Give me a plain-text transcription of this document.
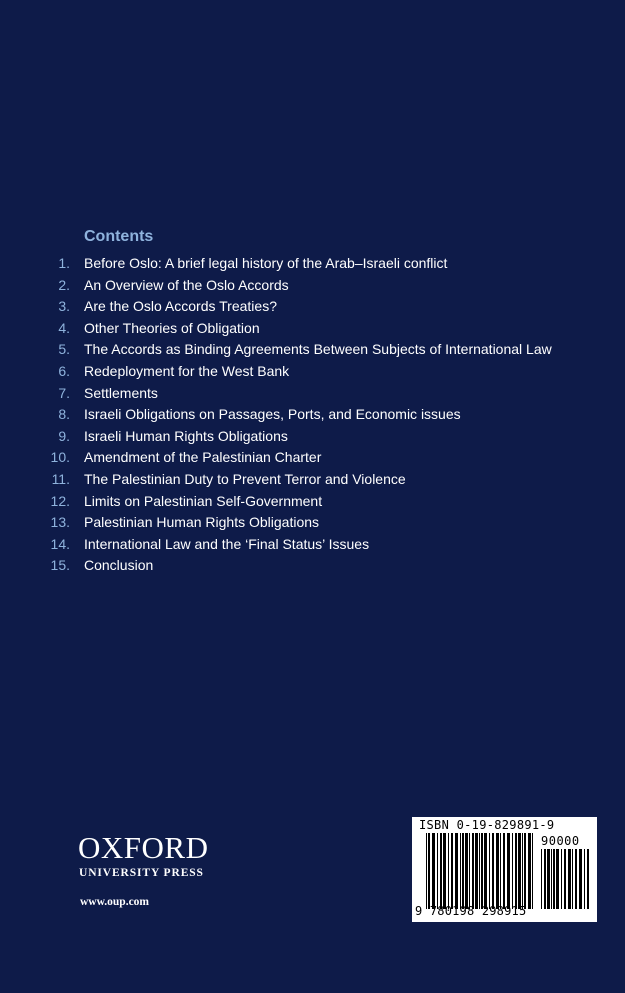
Contents
1. Before Oslo: A brief legal history of the Arab–Israeli conflict
2. An Overview of the Oslo Accords
3. Are the Oslo Accords Treaties?
4. Other Theories of Obligation
5. The Accords as Binding Agreements Between Subjects of International Law
6. Redeployment for the West Bank
7. Settlements
8. Israeli Obligations on Passages, Ports, and Economic issues
9. Israeli Human Rights Obligations
10. Amendment of the Palestinian Charter
11. The Palestinian Duty to Prevent Terror and Violence
12. Limits on Palestinian Self-Government
13. Palestinian Human Rights Obligations
14. International Law and the ‘Final Status’ Issues
15. Conclusion
OXFORD
UNIVERSITY PRESS
www.oup.com
ISBN 0-19-829891-9
90000
9 780198 298915
